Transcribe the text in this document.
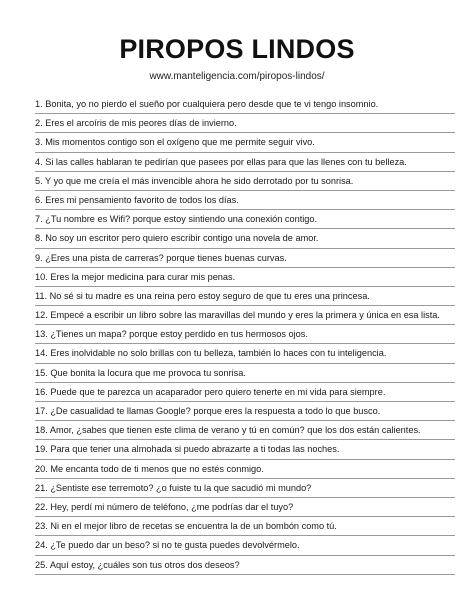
PIROPOS LINDOS
www.manteligencia.com/piropos-lindos/
1. Bonita, yo no pierdo el sueño por cualquiera pero desde que te vi tengo insomnio.
2. Eres el arcoíris de mis peores días de invierno.
3. Mis momentos contigo son el oxígeno que me permite seguir vivo.
4. Si las calles hablaran te pedirían que pasees por ellas para que las llenes con tu belleza.
5. Y yo que me creía el más invencible ahora he sido derrotado por tu sonrisa.
6. Eres mi pensamiento favorito de todos los días.
7. ¿Tu nombre es Wifi? porque estoy sintiendo una conexión contigo.
8. No soy un escritor pero quiero escribir contigo una novela de amor.
9. ¿Eres una pista de carreras? porque tienes buenas curvas.
10. Eres la mejor medicina para curar mis penas.
11. No sé si tu madre es una reina pero estoy seguro de que tu eres una princesa.
12. Empecé a escribir un libro sobre las maravillas del mundo y eres la primera y única en esa lista.
13. ¿Tienes un mapa? porque estoy perdido en tus hermosos ojos.
14. Eres inolvidable no solo brillas con tu belleza, también lo haces con tu inteligencia.
15. Que bonita la locura que me provoca tu sonrisa.
16. Puede que te parezca un acaparador pero quiero tenerte en mi vida para siempre.
17. ¿De casualidad te llamas Google? porque eres la respuesta a todo lo que busco.
18. Amor, ¿sabes que tienen este clima de verano y tú en común? que los dos están calientes.
19. Para que tener una almohada si puedo abrazarte a ti todas las noches.
20. Me encanta todo de ti menos que no estés conmigo.
21. ¿Sentiste ese terremoto? ¿o fuiste tu la que sacudió mi mundo?
22. Hey, perdí mi número de teléfono, ¿me podrías dar el tuyo?
23. Ni en el mejor libro de recetas se encuentra la de un bombón como tú.
24. ¿Te puedo dar un beso? si no te gusta puedes devolvérmelo.
25. Aquí estoy, ¿cuáles son tus otros dos deseos?
